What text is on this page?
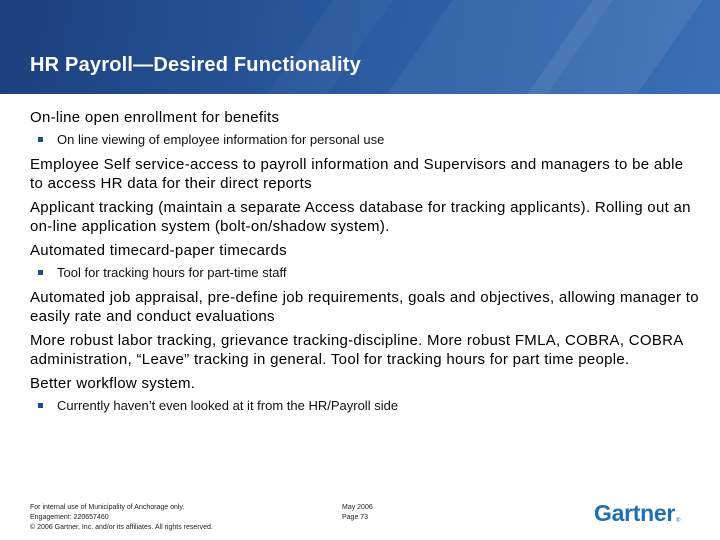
HR Payroll—Desired Functionality
On-line open enrollment for benefits
On line viewing of employee information for personal use
Employee Self service-access to payroll information and Supervisors and managers to be able to access HR data for their direct reports
Applicant tracking (maintain a separate Access database for tracking applicants). Rolling out an on-line application system (bolt-on/shadow system).
Automated timecard-paper timecards
Tool for tracking hours for part-time staff
Automated job appraisal, pre-define job requirements, goals and objectives, allowing manager to easily rate and conduct evaluations
More robust labor tracking, grievance tracking-discipline. More robust FMLA, COBRA, COBRA administration, “Leave” tracking in general. Tool for tracking hours for part time people.
Better workflow system.
Currently haven’t even looked at it from the HR/Payroll side
For internal use of Municipality of Anchorage only.
Engagement: 220657460
© 2006 Gartner, Inc. and/or its affiliates. All rights reserved.
May 2006
Page 73	Gartner ®
